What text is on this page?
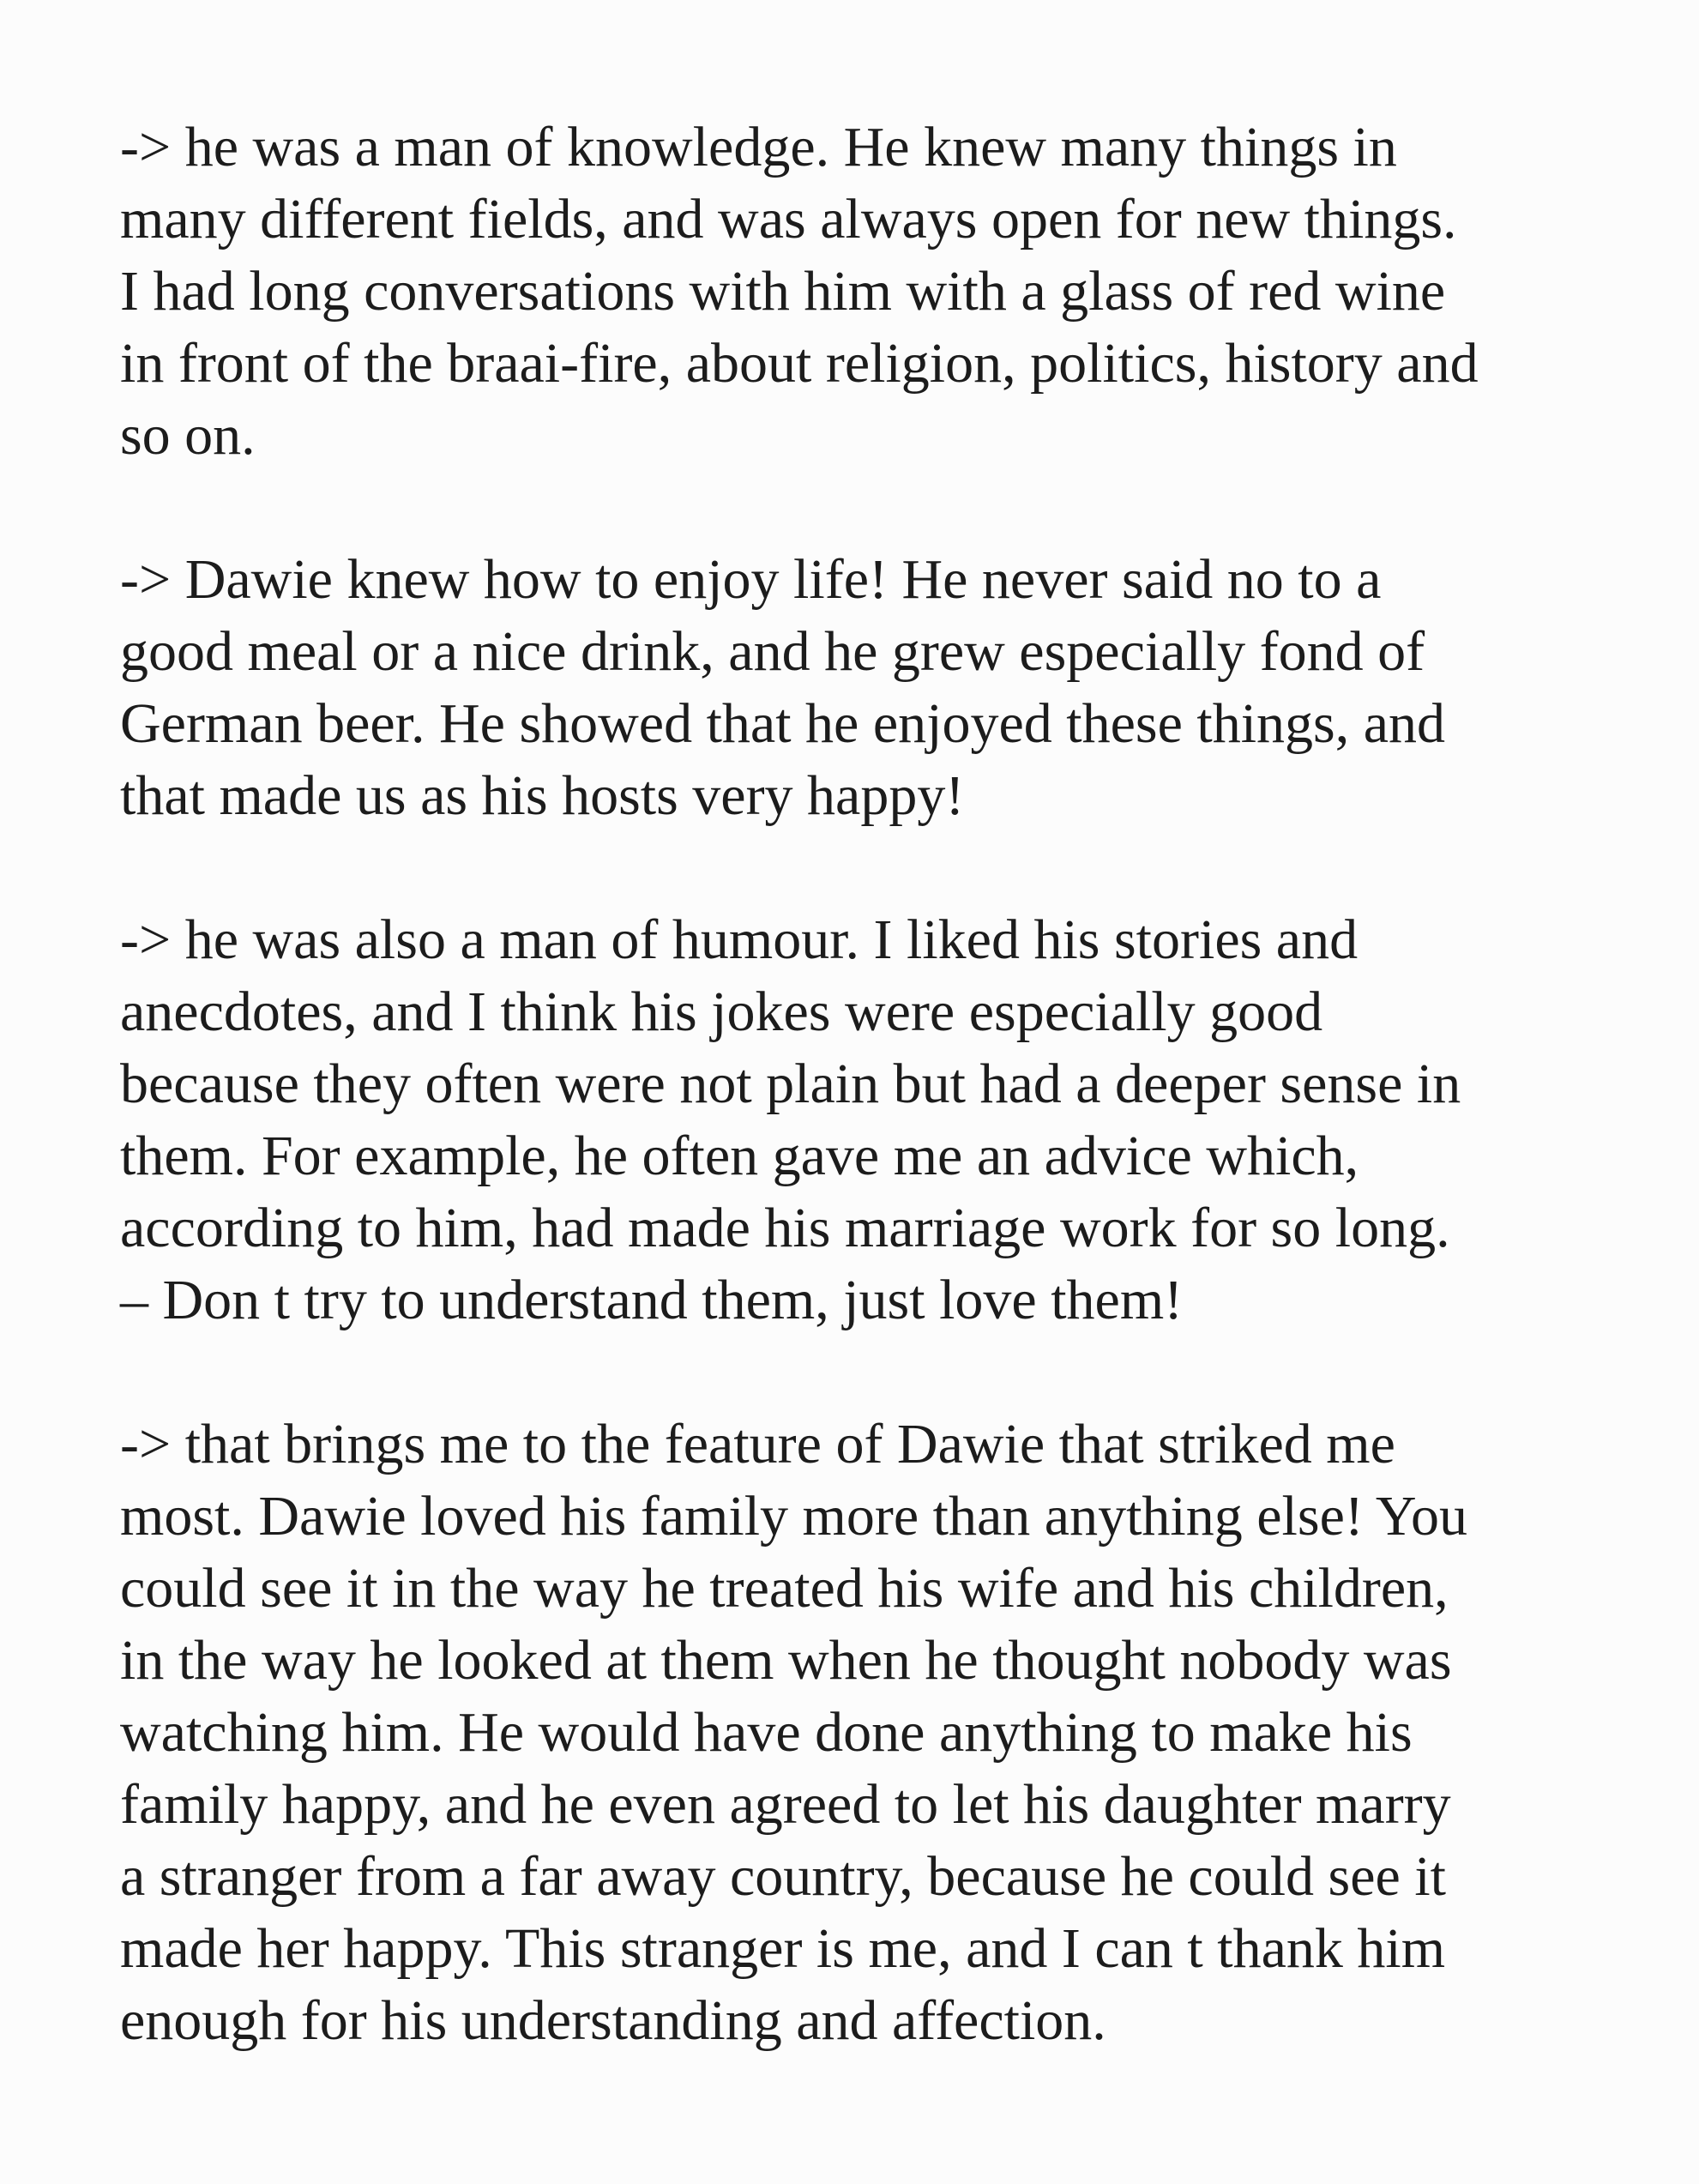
-> he was a man of knowledge. He knew many things in
many different fields, and was always open for new things.
I had long conversations with him with a glass of red wine
in front of the braai-fire, about religion, politics, history and
so on.

-> Dawie knew how to enjoy life! He never said no to a
good meal or a nice drink, and he grew especially fond of
German beer. He showed that he enjoyed these things, and
that made us as his hosts very happy!

-> he was also a man of humour. I liked his stories and
anecdotes, and I think his jokes were especially good
because they often were not plain but had a deeper sense in
them. For example, he often gave me an advice which,
according to him, had made his marriage work for so long.
– Don t try to understand them, just love them!

-> that brings me to the feature of Dawie that striked me
most. Dawie loved his family more than anything else! You
could see it in the way he treated his wife and his children,
in the way he looked at them when he thought nobody was
watching him. He would have done anything to make his
family happy, and he even agreed to let his daughter marry
a stranger from a far away country, because he could see it
made her happy. This stranger is me, and I can t thank him
enough for his understanding and affection.
